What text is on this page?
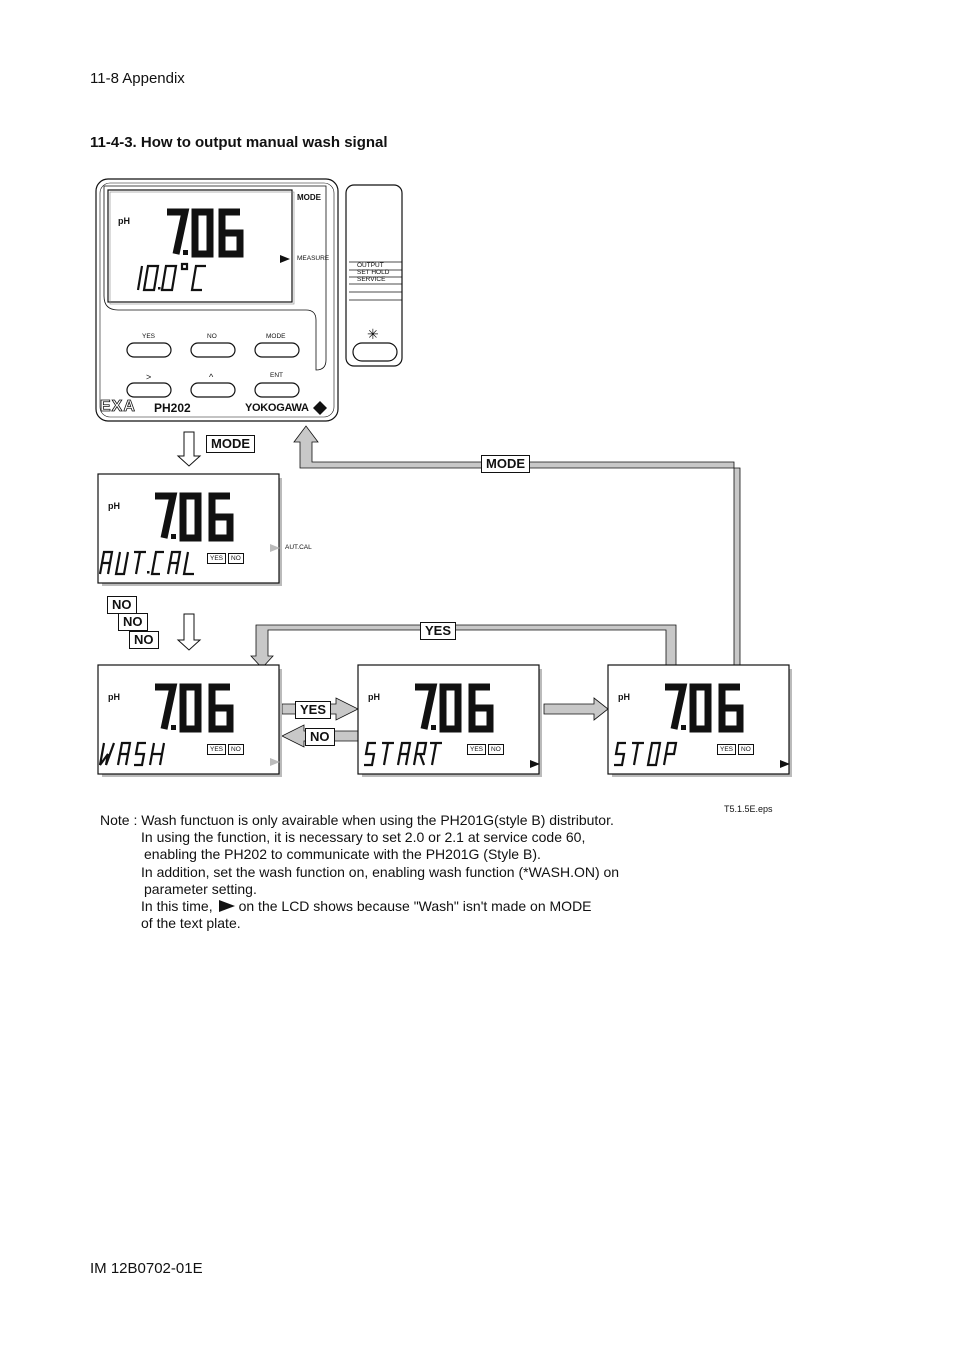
11-8 Appendix
11-4-3. How to output manual wash signal
MODE
pH
MEASURE
YES	NO	MODE
>	^	ENT
EXA PH202	YOKOGAWA
OUTPUT
SET HOLD
SERVICE
✳
MODE
MODE
NO
NO
NO
YES
YES
NO
pH
YES	NO
AUT.CAL
pH
YES	NO
pH
YES	NO
pH
YES	NO
T5.1.5E.eps
Note : Wash functuon is only avairable when using the PH201G(style B) distributor.
In using the function, it is necessary to set 2.0 or 2.1 at service code 60,
enabling the PH202 to communicate with the PH201G (Style B).
In addition, set the wash function on, enabling wash function (*WASH.ON) on
parameter setting.
In this time, on the LCD shows because "Wash" isn't made on MODE
of the text plate.
IM 12B0702-01E
